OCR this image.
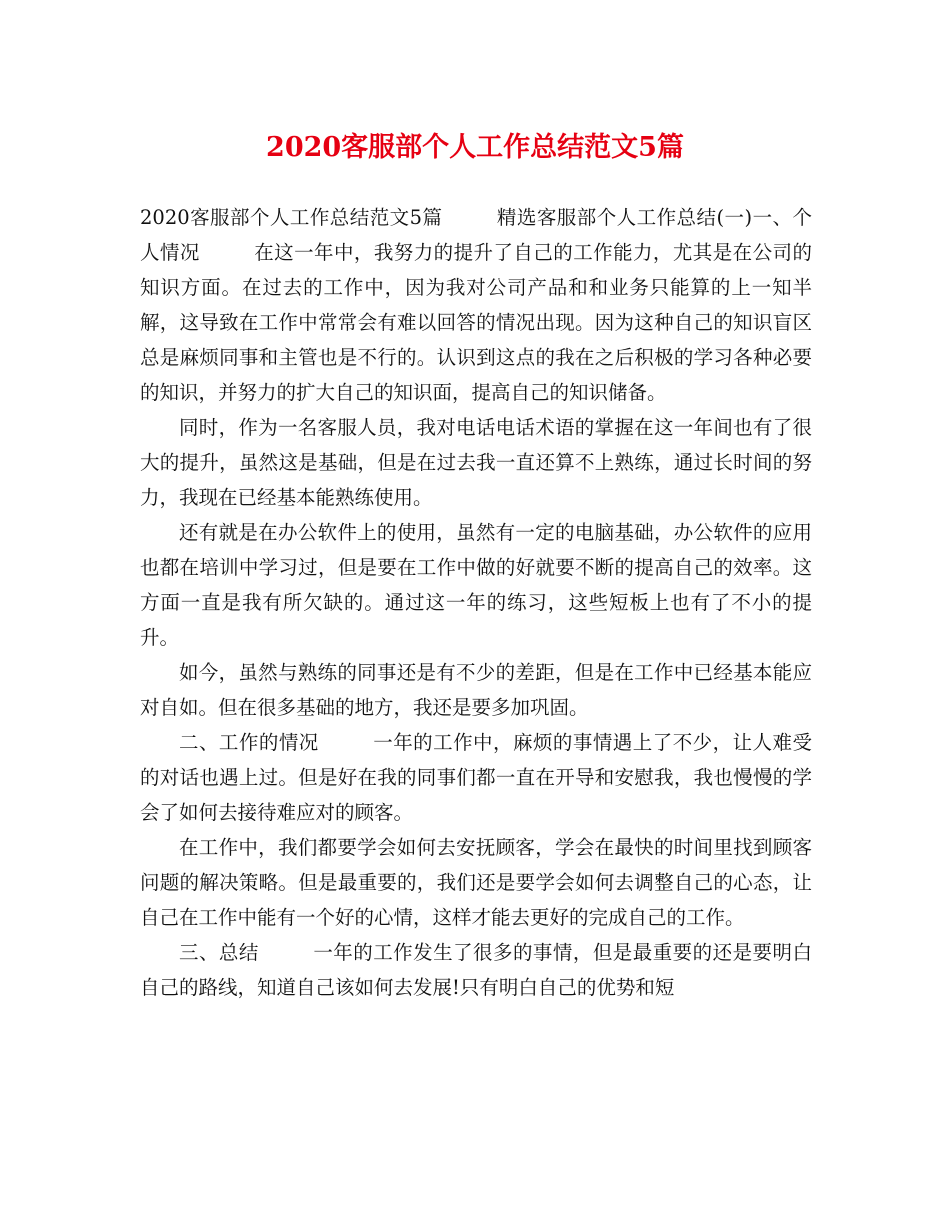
2020客服部个人工作总结范文5篇

2020客服部个人工作总结范文5篇	精选客服部个人工作总结(一)一、个人情况	在这一年中，我努力的提升了自己的工作能力，尤其是在公司的知识方面。在过去的工作中，因为我对公司产品和和业务只能算的上一知半解，这导致在工作中常常会有难以回答的情况出现。因为这种自己的知识盲区总是麻烦同事和主管也是不行的。认识到这点的我在之后积极的学习各种必要的知识，并努力的扩大自己的知识面，提高自己的知识储备。

同时，作为一名客服人员，我对电话电话术语的掌握在这一年间也有了很大的提升，虽然这是基础，但是在过去我一直还算不上熟练，通过长时间的努力，我现在已经基本能熟练使用。

还有就是在办公软件上的使用，虽然有一定的电脑基础，办公软件的应用也都在培训中学习过，但是要在工作中做的好就要不断的提高自己的效率。这方面一直是我有所欠缺的。通过这一年的练习，这些短板上也有了不小的提升。

如今，虽然与熟练的同事还是有不少的差距，但是在工作中已经基本能应对自如。但在很多基础的地方，我还是要多加巩固。

二、工作的情况	一年的工作中，麻烦的事情遇上了不少，让人难受的对话也遇上过。但是好在我的同事们都一直在开导和安慰我，我也慢慢的学会了如何去接待难应对的顾客。

在工作中，我们都要学会如何去安抚顾客，学会在最快的时间里找到顾客问题的解决策略。但是最重要的，我们还是要学会如何去调整自己的心态，让自己在工作中能有一个好的心情，这样才能去更好的完成自己的工作。

三、总结	一年的工作发生了很多的事情，但是最重要的还是要明白自己的路线，知道自己该如何去发展!只有明白自己的优势和短
